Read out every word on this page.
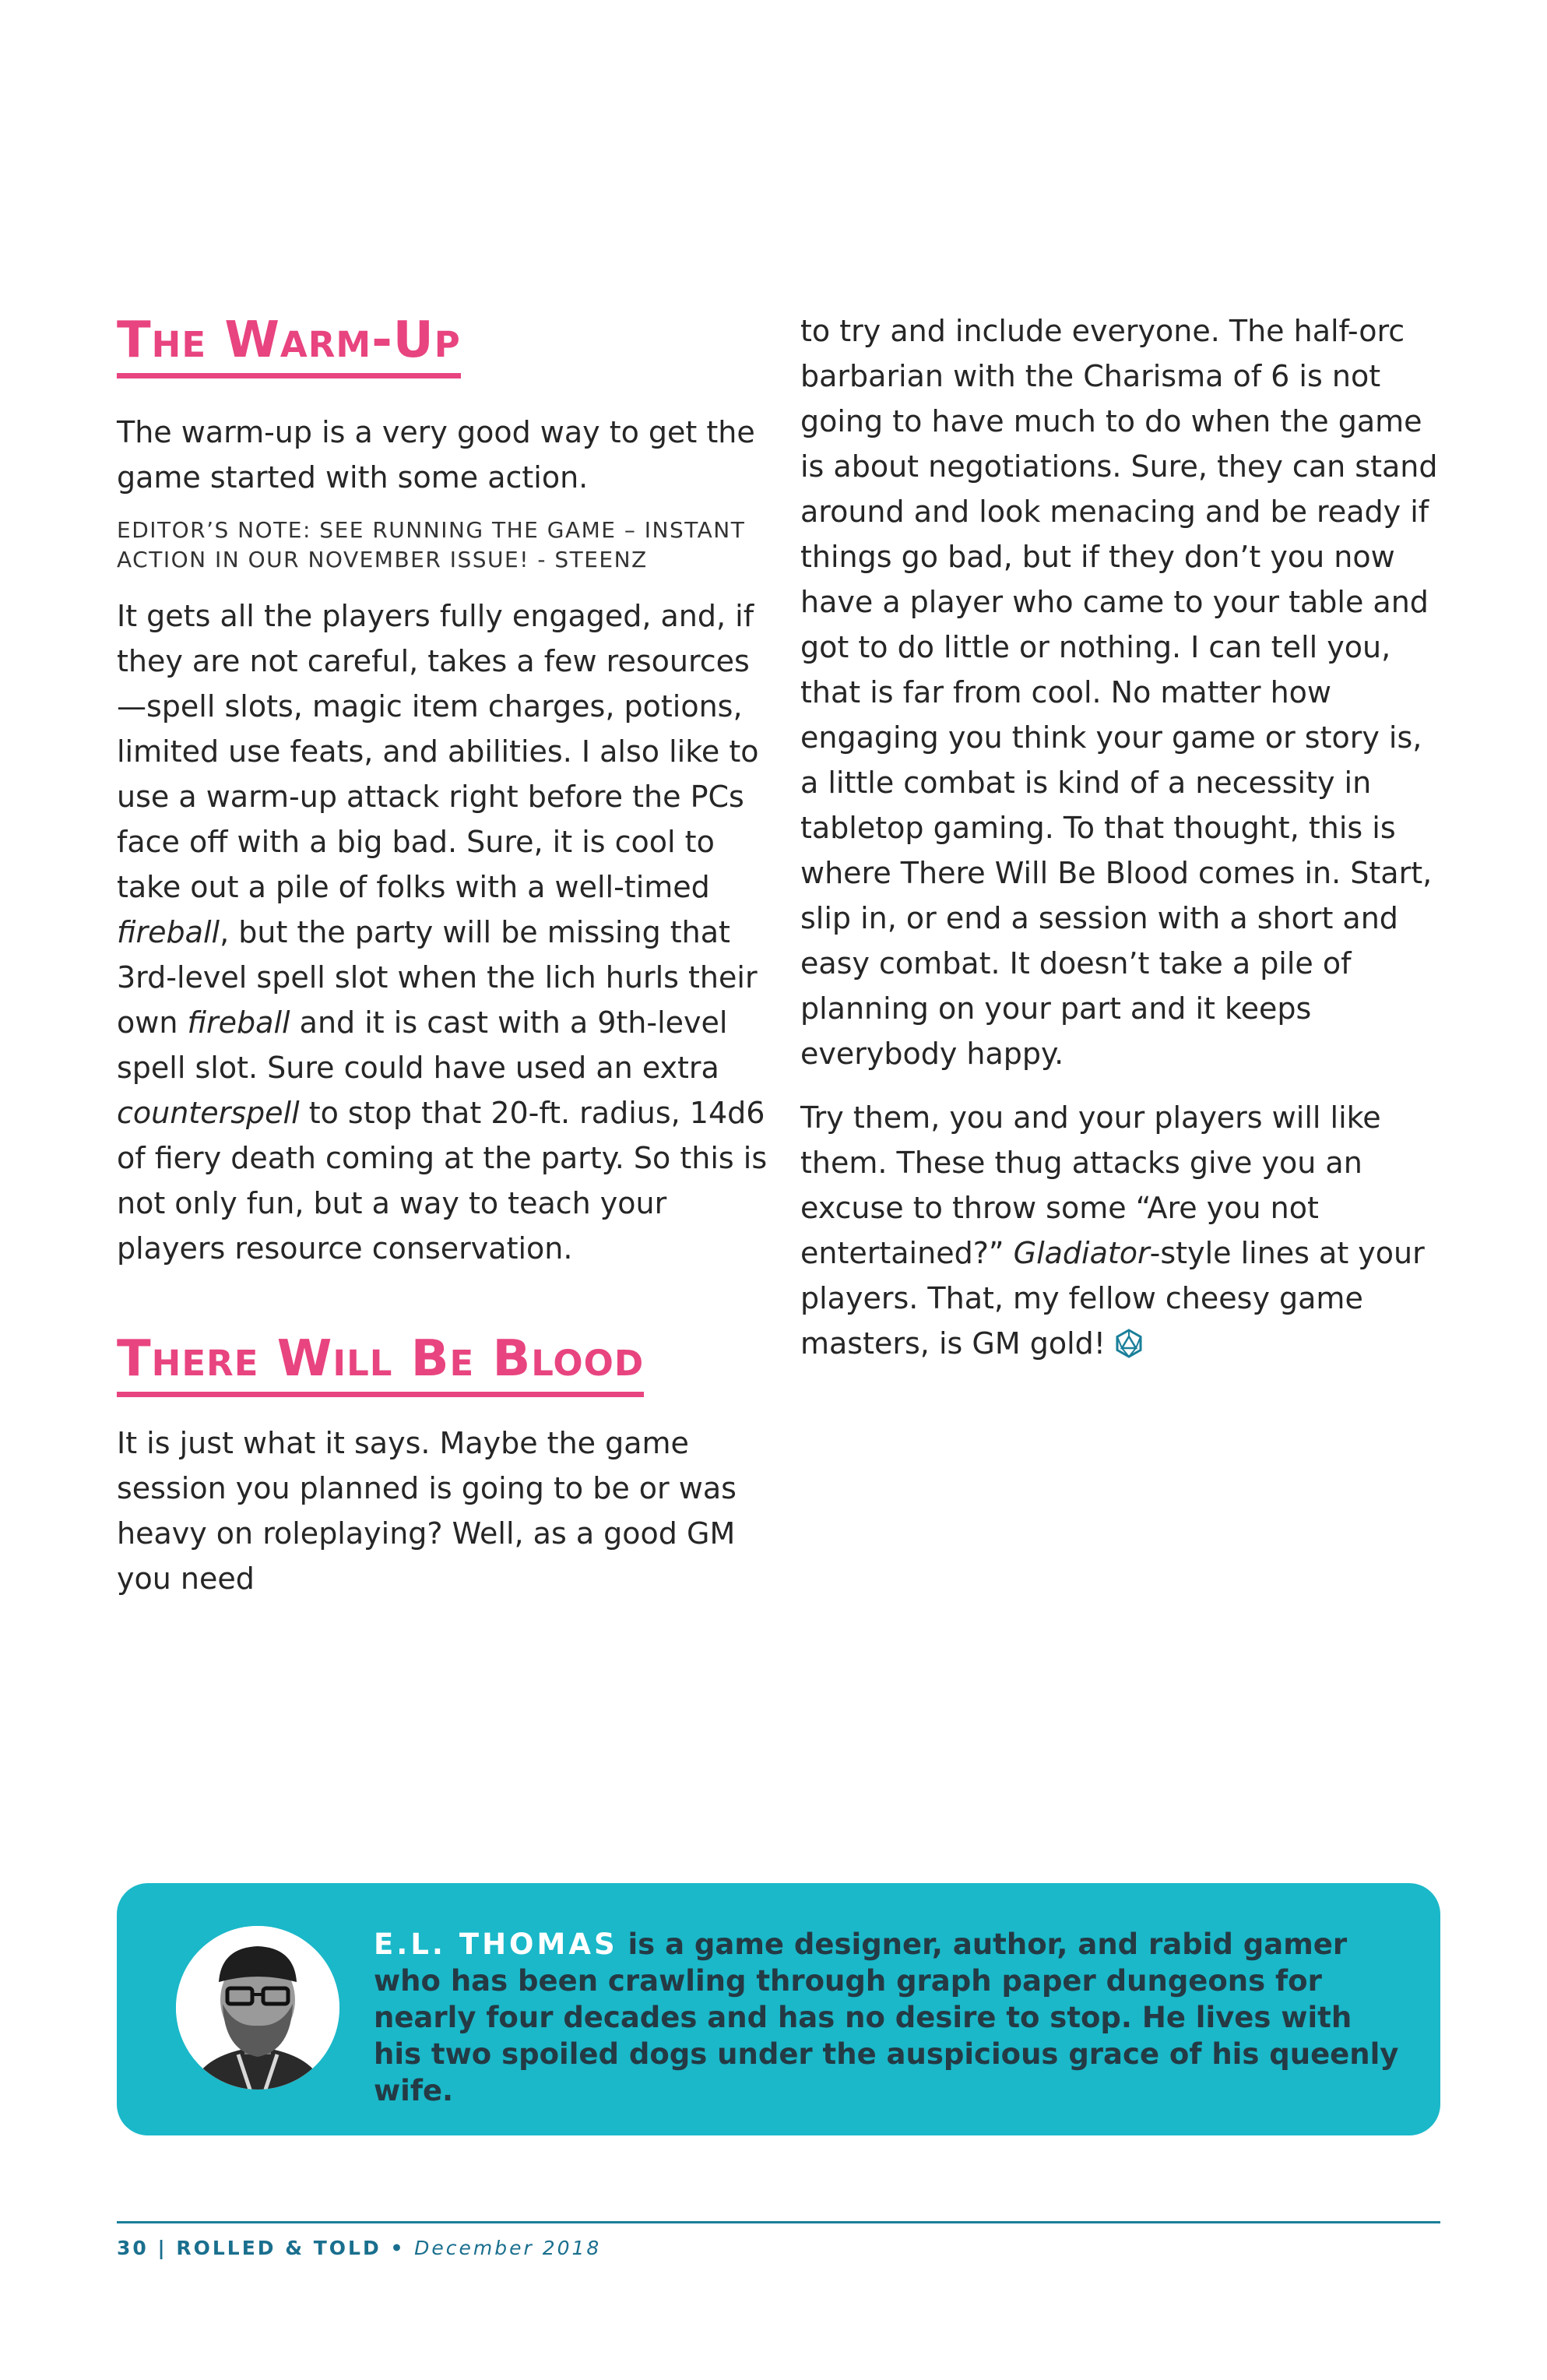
The Warm-Up

The warm-up is a very good way to get the game started with some action.

EDITOR’S NOTE: SEE RUNNING THE GAME – INSTANT ACTION IN OUR NOVEMBER ISSUE! - STEENZ

It gets all the players fully engaged, and, if they are not careful, takes a few resources—spell slots, magic item charges, potions, limited use feats, and abilities. I also like to use a warm-up attack right before the PCs face off with a big bad. Sure, it is cool to take out a pile of folks with a well-timed fireball, but the party will be missing that 3rd-level spell slot when the lich hurls their own fireball and it is cast with a 9th-level spell slot. Sure could have used an extra counterspell to stop that 20-ft. radius, 14d6 of fiery death coming at the party. So this is not only fun, but a way to teach your players resource conservation.

There Will Be Blood

It is just what it says. Maybe the game session you planned is going to be or was heavy on roleplaying? Well, as a good GM you need

to try and include everyone. The half-orc barbarian with the Charisma of 6 is not going to have much to do when the game is about negotiations. Sure, they can stand around and look menacing and be ready if things go bad, but if they don’t you now have a player who came to your table and got to do little or nothing. I can tell you, that is far from cool. No matter how engaging you think your game or story is, a little combat is kind of a necessity in tabletop gaming. To that thought, this is where There Will Be Blood comes in. Start, slip in, or end a session with a short and easy combat. It doesn’t take a pile of planning on your part and it keeps everybody happy.

Try them, you and your players will like them. These thug attacks give you an excuse to throw some “Are you not entertained?” Gladiator-style lines at your players. That, my fellow cheesy game masters, is GM gold!

E.L. THOMAS is a game designer, author, and rabid gamer who has been crawling through graph paper dungeons for nearly four decades and has no desire to stop. He lives with his two spoiled dogs under the auspicious grace of his queenly wife.

30 | ROLLED & TOLD • December 2018
